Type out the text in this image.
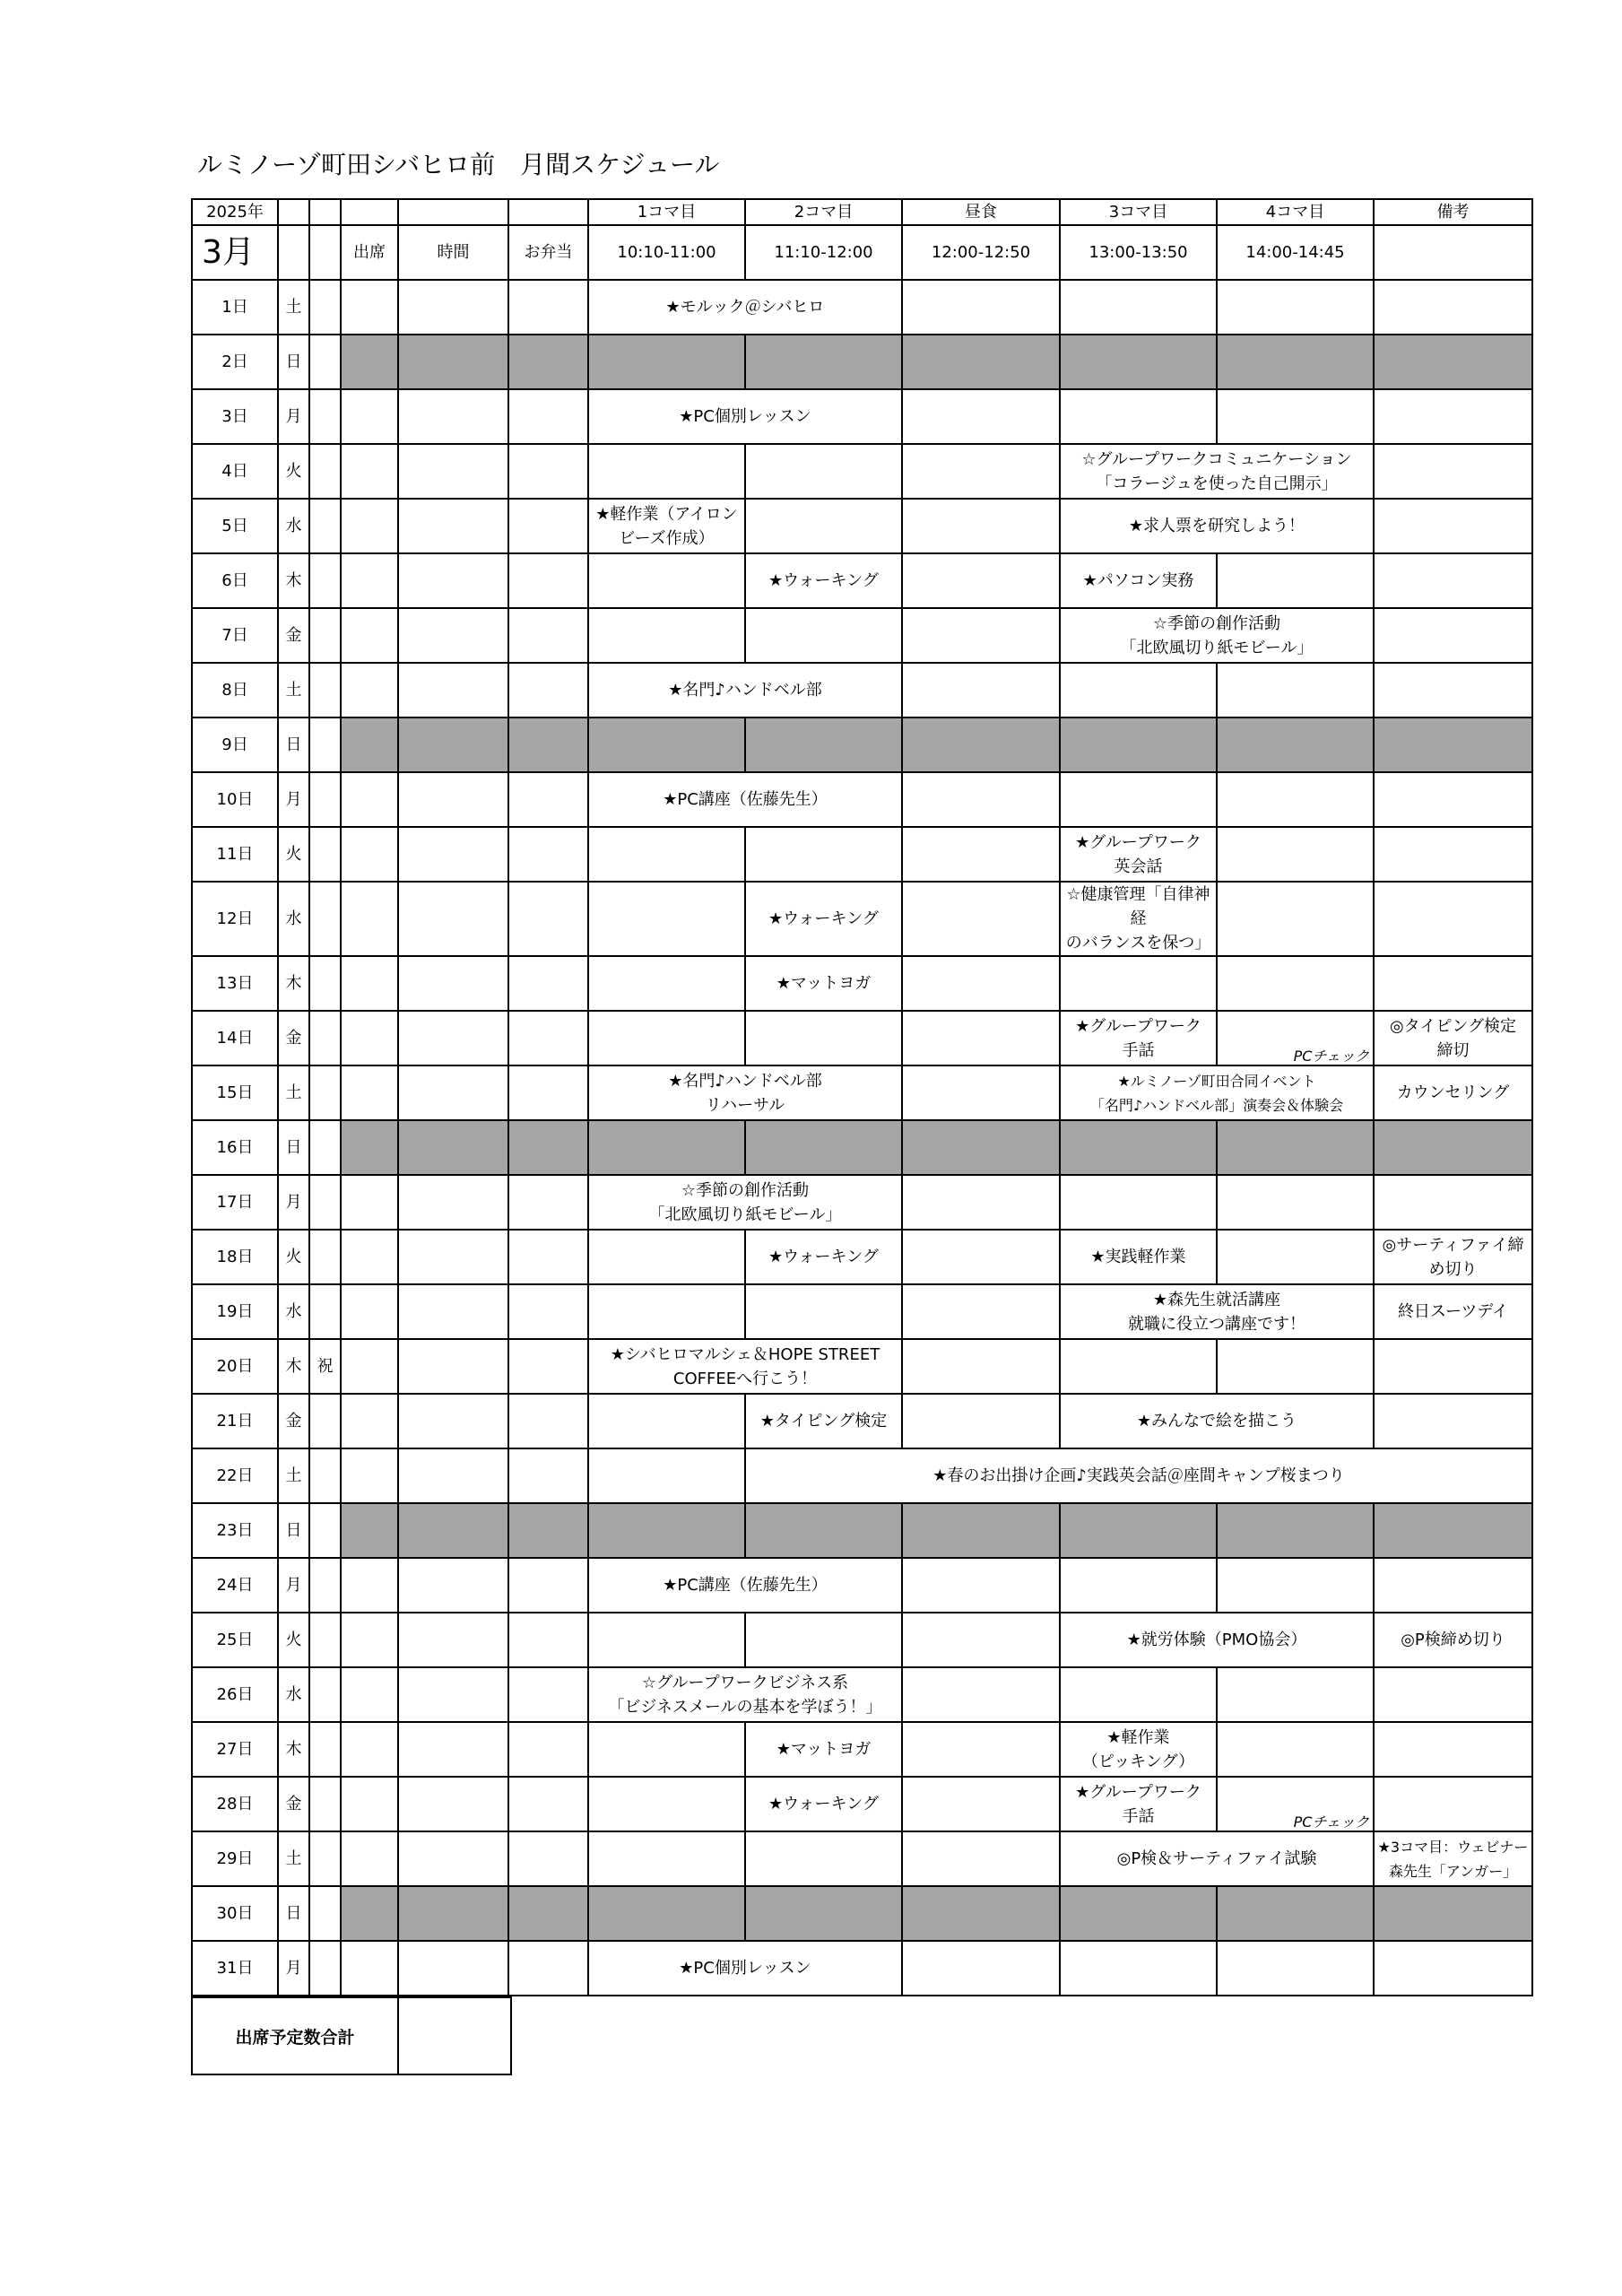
ルミノーゾ町田シバヒロ前　月間スケジュール
2025年						1コマ目	2コマ目	昼食	3コマ目	4コマ目	備考
3月			出席	時間	お弁当	10:10-11:00	11:10-12:00	12:00-12:50	13:00-13:50	14:00-14:45	
1日	土					★モルック＠シバヒロ					
2日	日										
3日	月					★PC個別レッスン					
4日	火								☆グループワークコミュニケーション
「コラージュを使った自己開示」		

5日	水					★軽作業（アイロン
ビーズ作成）			★求人票を研究しよう！		
6日	木						★ウォーキング		★パソコン実務		
7日	金								☆季節の創作活動
「北欧風切り紙モビール」		

8日	土					★名門♪ハンドベル部					
9日	日										
10日	月					★PC講座（佐藤先生）					
11日	火								★グループワーク
英会話		

12日	水						★ウォーキング		☆健康管理「自律神経
のバランスを保つ」		

13日	木						★マットヨガ				
14日	金								★グループワーク
手話	PCチェック	◎タイピング検定
締切

15日	土					★名門♪ハンドベル部
リハーサル			★ルミノーゾ町田合同イベント
「名門♪ハンドベル部」演奏会＆体験会		カウンセリング
16日	日										
17日	月					☆季節の創作活動
「北欧風切り紙モビール」					

18日	火						★ウォーキング		★実践軽作業		◎サーティファイ締
め切り

19日	水								★森先生就活講座
就職に役立つ講座です！		終日スーツデイ
20日	木	祝				★シバヒロマルシェ＆HOPE STREET
COFFEEへ行こう！					

21日	金						★タイピング検定		★みんなで絵を描こう		
22日	土						★春のお出掛け企画♪実践英会話＠座間キャンプ桜まつり				
23日	日										
24日	月					★PC講座（佐藤先生）					
25日	火								★就労体験（PMO協会）		◎P検締め切り
26日	水					☆グループワークビジネス系
「ビジネスメールの基本を学ぼう！」					

27日	木						★マットヨガ		★軽作業
（ピッキング）		

28日	金						★ウォーキング		★グループワーク
手話	PCチェック	

29日	土								◎P検＆サーティファイ試験		★3コマ目：ウェビナー
森先生「アンガー」

30日	日										
31日	月					★PC個別レッスン					
出席予定数合計	
